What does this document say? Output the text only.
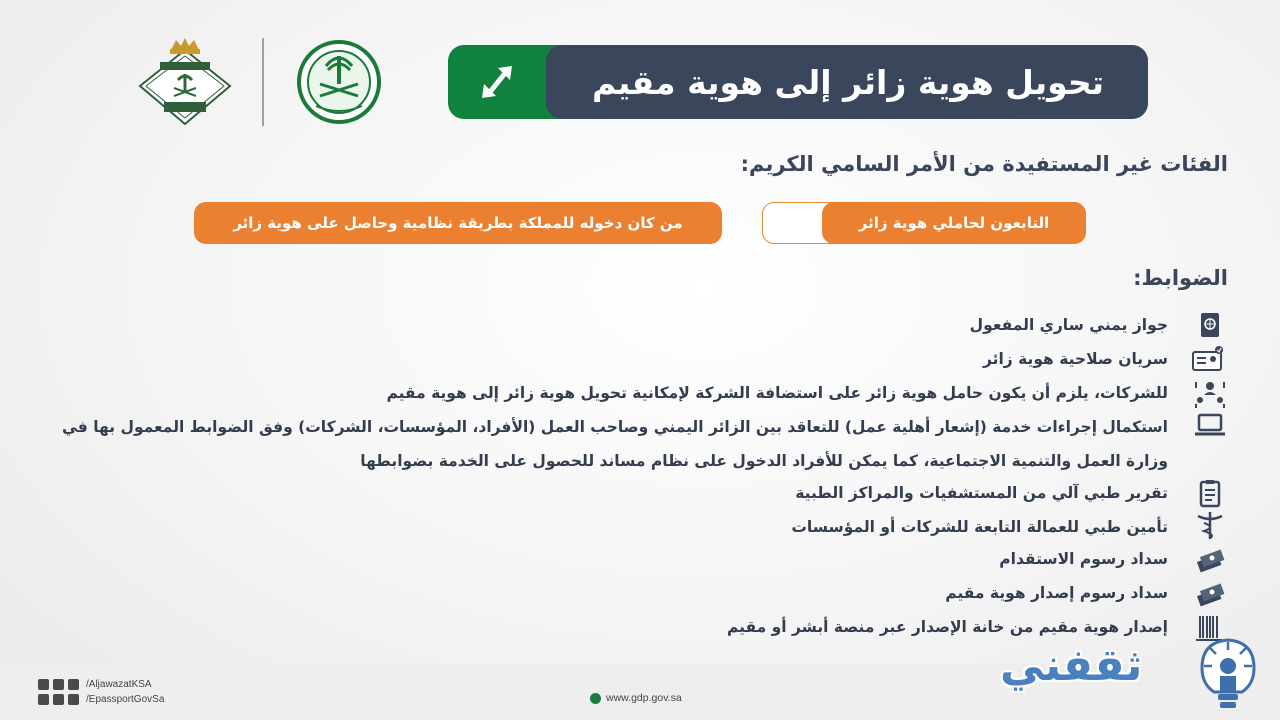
تحويل هوية زائر إلى هوية مقيم
الفئات غير المستفيدة من الأمر السامي الكريم:
التابعون لحاملي هوية زائر
من كان دخوله للمملكة بطريقة نظامية وحاصل على هوية زائر
الضوابط:
جواز يمني ساري المفعول
سريان صلاحية هوية زائر
للشركات، يلزم أن يكون حامل هوية زائر على استضافة الشركة لإمكانية تحويل هوية زائر إلى هوية مقيم
استكمال إجراءات خدمة (إشعار أهلية عمل) للتعاقد بين الزائر اليمني وصاحب العمل (الأفراد، المؤسسات، الشركات) وفق الضوابط المعمول بها في
وزارة العمل والتنمية الاجتماعية، كما يمكن للأفراد الدخول على نظام مساند للحصول على الخدمة بضوابطها
تقرير طبي آلي من المستشفيات والمراكز الطبية
تأمين طبي للعمالة التابعة للشركات أو المؤسسات
سداد رسوم الاستقدام
سداد رسوم إصدار هوية مقيم
إصدار هوية مقيم من خانة الإصدار عبر منصة أبشر أو مقيم
/AljawazatKSA
/EpassportGovSa	www.gdp.gov.sa
ثقفني
